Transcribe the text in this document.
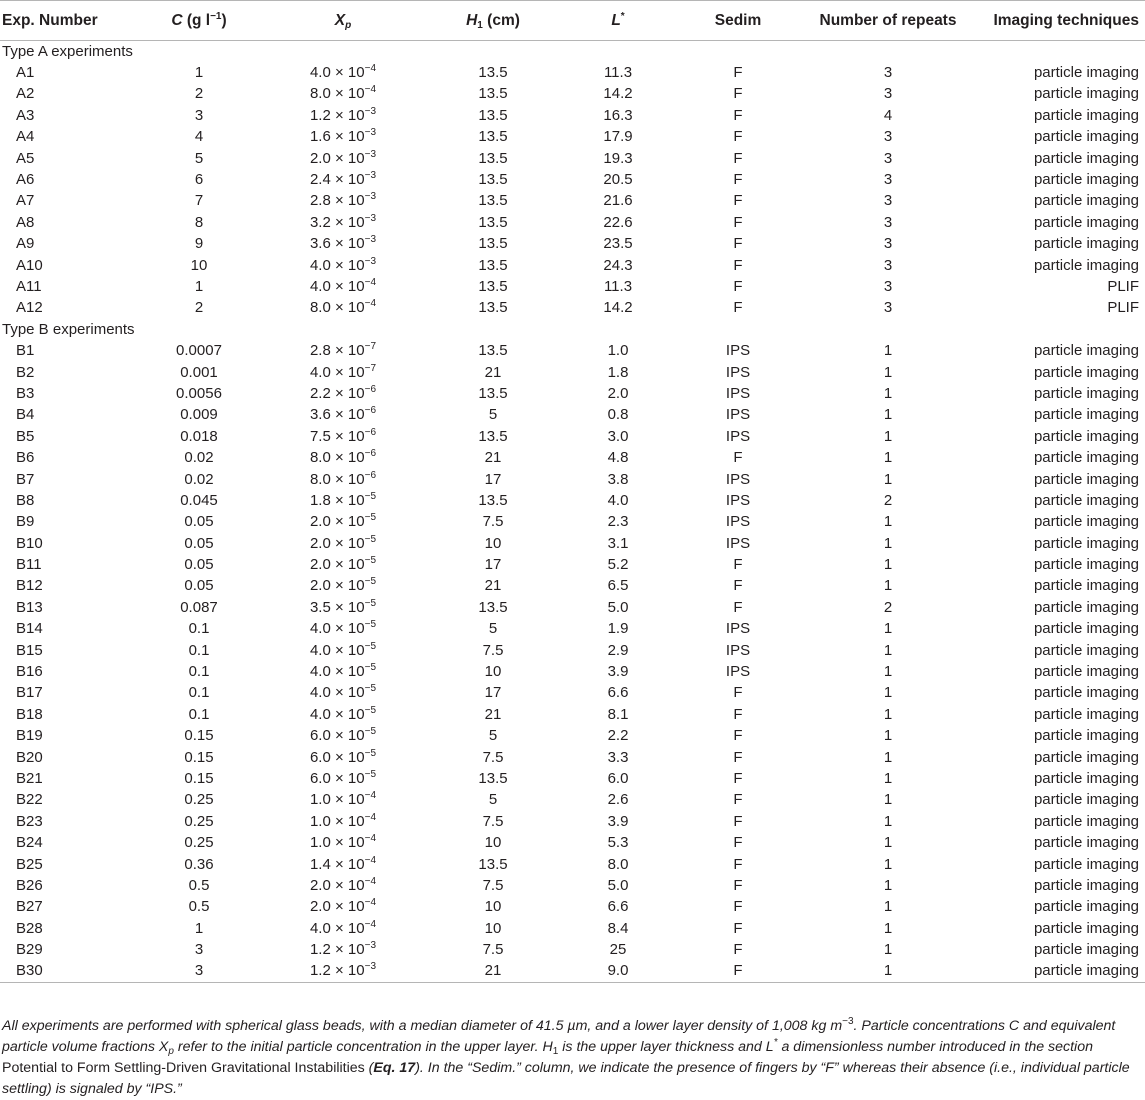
Exp. Number	C (g $l^{-1}$)	$X_p$	$H_1$ (cm)	L*	Sedim	Number of repeats	Imaging techniques
Type A experiments							
A1	1	$4.0 \times 10^{-4}$	13.5	11.3	F	3	particle imaging
A2	2	$8.0 \times 10^{-4}$	13.5	14.2	F	3	particle imaging
A3	3	$1.2 \times 10^{-3}$	13.5	16.3	F	4	particle imaging
A4	4	$1.6 \times 10^{-3}$	13.5	17.9	F	3	particle imaging
A5	5	$2.0 \times 10^{-3}$	13.5	19.3	F	3	particle imaging
A6	6	$2.4 \times 10^{-3}$	13.5	20.5	F	3	particle imaging
A7	7	$2.8 \times 10^{-3}$	13.5	21.6	F	3	particle imaging
A8	8	$3.2 \times 10^{-3}$	13.5	22.6	F	3	particle imaging
A9	9	$3.6 \times 10^{-3}$	13.5	23.5	F	3	particle imaging
A10	10	$4.0 \times 10^{-3}$	13.5	24.3	F	3	particle imaging
A11	1	$4.0 \times 10^{-4}$	13.5	11.3	F	3	PLIF
A12	2	$8.0 \times 10^{-4}$	13.5	14.2	F	3	PLIF
Type B experiments							
B1	0.0007	$2.8 \times 10^{-7}$	13.5	1.0	IPS	1	particle imaging
B2	0.001	$4.0 \times 10^{-7}$	21	1.8	IPS	1	particle imaging
B3	0.0056	$2.2 \times 10^{-6}$	13.5	2.0	IPS	1	particle imaging
B4	0.009	$3.6 \times 10^{-6}$	5	0.8	IPS	1	particle imaging
B5	0.018	$7.5 \times 10^{-6}$	13.5	3.0	IPS	1	particle imaging
B6	0.02	$8.0 \times 10^{-6}$	21	4.8	F	1	particle imaging
B7	0.02	$8.0 \times 10^{-6}$	17	3.8	IPS	1	particle imaging
B8	0.045	$1.8 \times 10^{-5}$	13.5	4.0	IPS	2	particle imaging
B9	0.05	$2.0 \times 10^{-5}$	7.5	2.3	IPS	1	particle imaging
B10	0.05	$2.0 \times 10^{-5}$	10	3.1	IPS	1	particle imaging
B11	0.05	$2.0 \times 10^{-5}$	17	5.2	F	1	particle imaging
B12	0.05	$2.0 \times 10^{-5}$	21	6.5	F	1	particle imaging
B13	0.087	$3.5 \times 10^{-5}$	13.5	5.0	F	2	particle imaging
B14	0.1	$4.0 \times 10^{-5}$	5	1.9	IPS	1	particle imaging
B15	0.1	$4.0 \times 10^{-5}$	7.5	2.9	IPS	1	particle imaging
B16	0.1	$4.0 \times 10^{-5}$	10	3.9	IPS	1	particle imaging
B17	0.1	$4.0 \times 10^{-5}$	17	6.6	F	1	particle imaging
B18	0.1	$4.0 \times 10^{-5}$	21	8.1	F	1	particle imaging
B19	0.15	$6.0 \times 10^{-5}$	5	2.2	F	1	particle imaging
B20	0.15	$6.0 \times 10^{-5}$	7.5	3.3	F	1	particle imaging
B21	0.15	$6.0 \times 10^{-5}$	13.5	6.0	F	1	particle imaging
B22	0.25	$1.0 \times 10^{-4}$	5	2.6	F	1	particle imaging
B23	0.25	$1.0 \times 10^{-4}$	7.5	3.9	F	1	particle imaging
B24	0.25	$1.0 \times 10^{-4}$	10	5.3	F	1	particle imaging
B25	0.36	$1.4 \times 10^{-4}$	13.5	8.0	F	1	particle imaging
B26	0.5	$2.0 \times 10^{-4}$	7.5	5.0	F	1	particle imaging
B27	0.5	$2.0 \times 10^{-4}$	10	6.6	F	1	particle imaging
B28	1	$4.0 \times 10^{-4}$	10	8.4	F	1	particle imaging
B29	3	$1.2 \times 10^{-3}$	7.5	25	F	1	particle imaging
B30	3	$1.2 \times 10^{-3}$	21	9.0	F	1	particle imaging

All experiments are performed with spherical glass beads, with a median diameter of 41.5 µm, and a lower layer density of 1,008 kg $m^{-3}$. Particle concentrations C and equivalent particle volume fractions $X_p$ refer to the initial particle concentration in the upper layer. $H_1$ is the upper layer thickness and L* a dimensionless number introduced in the section Potential to Form Settling-Driven Gravitational Instabilities (Eq. 17). In the “Sedim.” column, we indicate the presence of fingers by “F” whereas their absence (i.e., individual particle settling) is signaled by “IPS.”
